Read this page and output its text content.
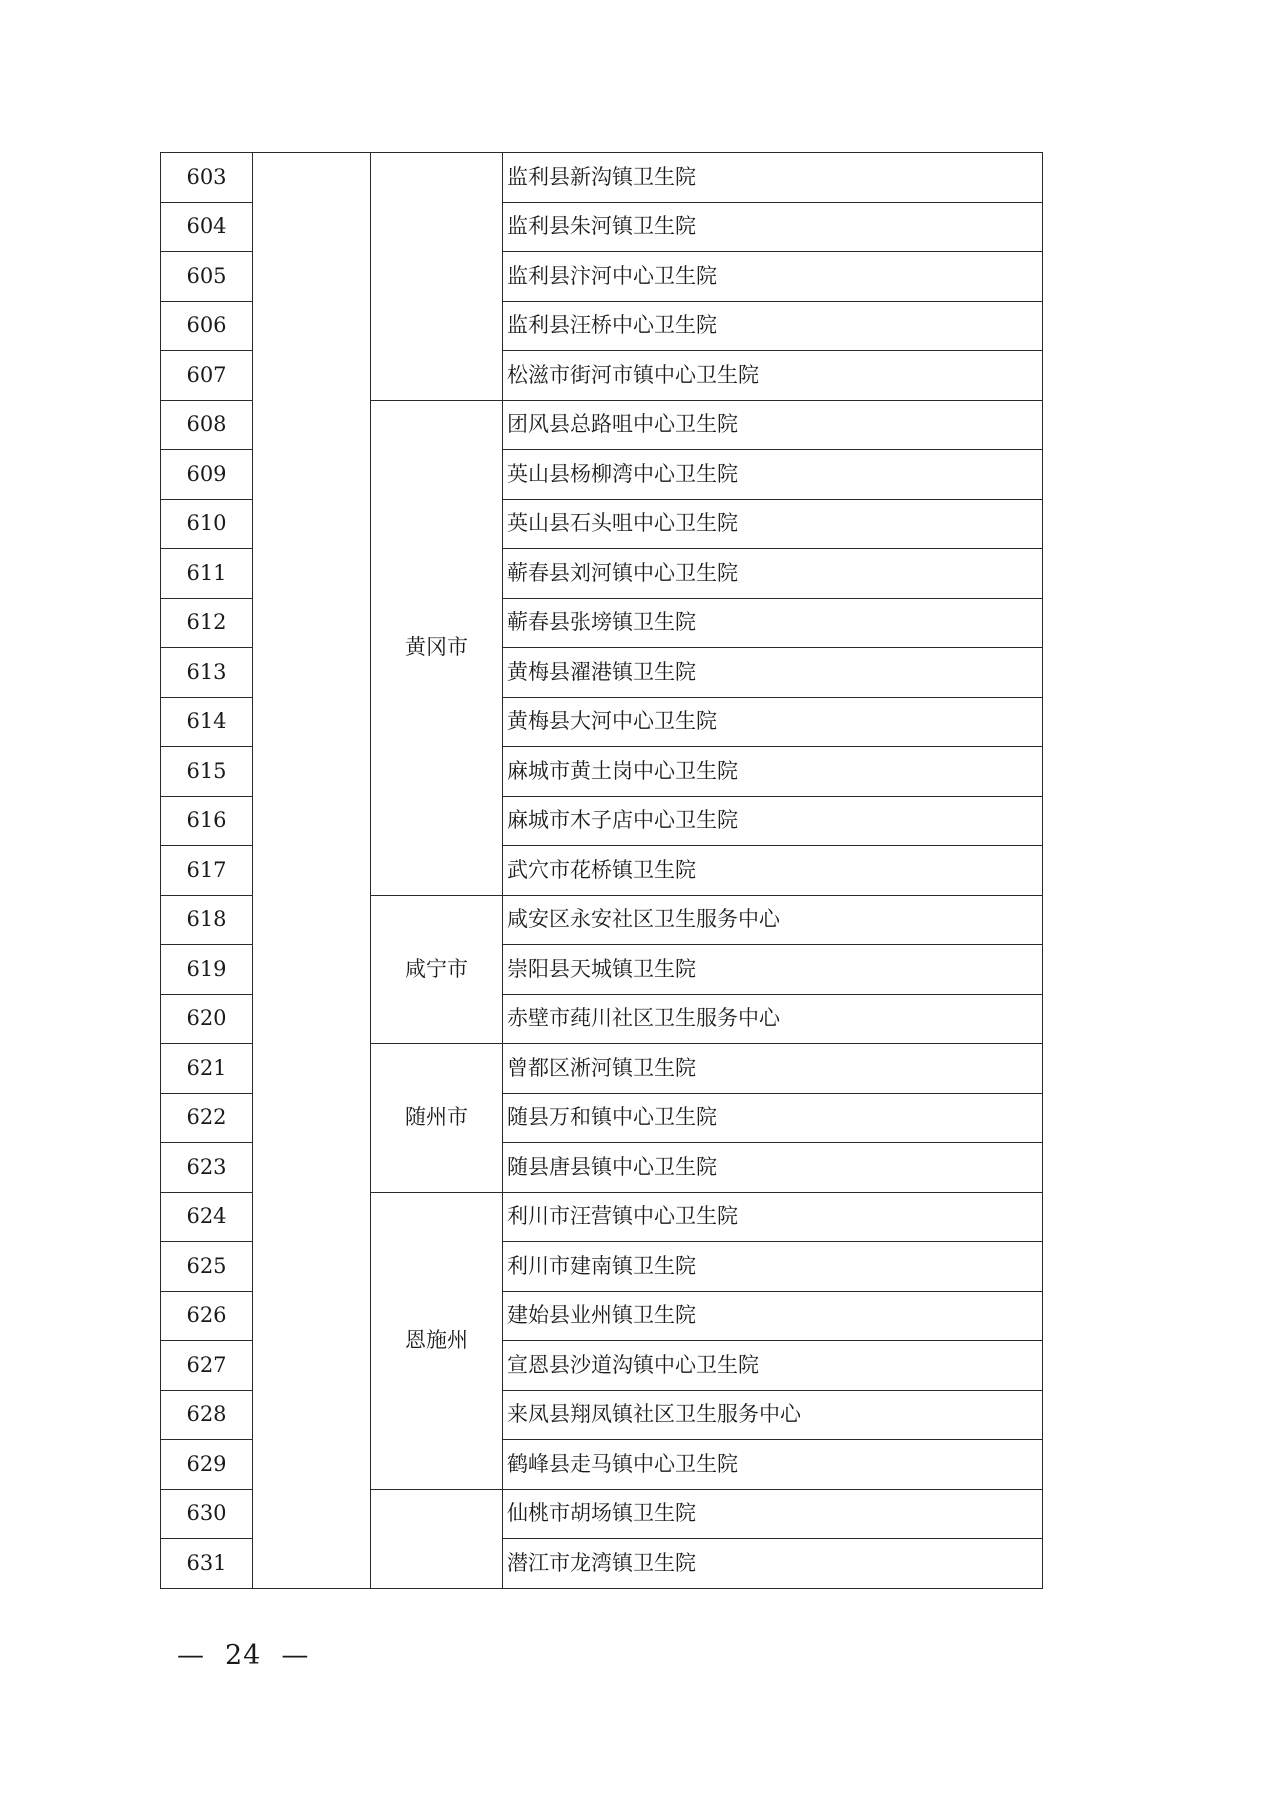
603			监利县新沟镇卫生院
604			监利县朱河镇卫生院
605			监利县汴河中心卫生院
606			监利县汪桥中心卫生院
607			松滋市街河市镇中心卫生院
608		黄冈市	团风县总路咀中心卫生院
609			英山县杨柳湾中心卫生院
610			英山县石头咀中心卫生院
611			蕲春县刘河镇中心卫生院
612			蕲春县张塝镇卫生院
613			黄梅县濯港镇卫生院
614			黄梅县大河中心卫生院
615			麻城市黄土岗中心卫生院
616			麻城市木子店中心卫生院
617			武穴市花桥镇卫生院
618		咸宁市	咸安区永安社区卫生服务中心
619			崇阳县天城镇卫生院
620			赤壁市莼川社区卫生服务中心
621		随州市	曾都区淅河镇卫生院
622			随县万和镇中心卫生院
623			随县唐县镇中心卫生院
624		恩施州	利川市汪营镇中心卫生院
625			利川市建南镇卫生院
626			建始县业州镇卫生院
627			宣恩县沙道沟镇中心卫生院
628			来凤县翔凤镇社区卫生服务中心
629			鹤峰县走马镇中心卫生院
630			仙桃市胡场镇卫生院
631			潜江市龙湾镇卫生院
— 24 —
